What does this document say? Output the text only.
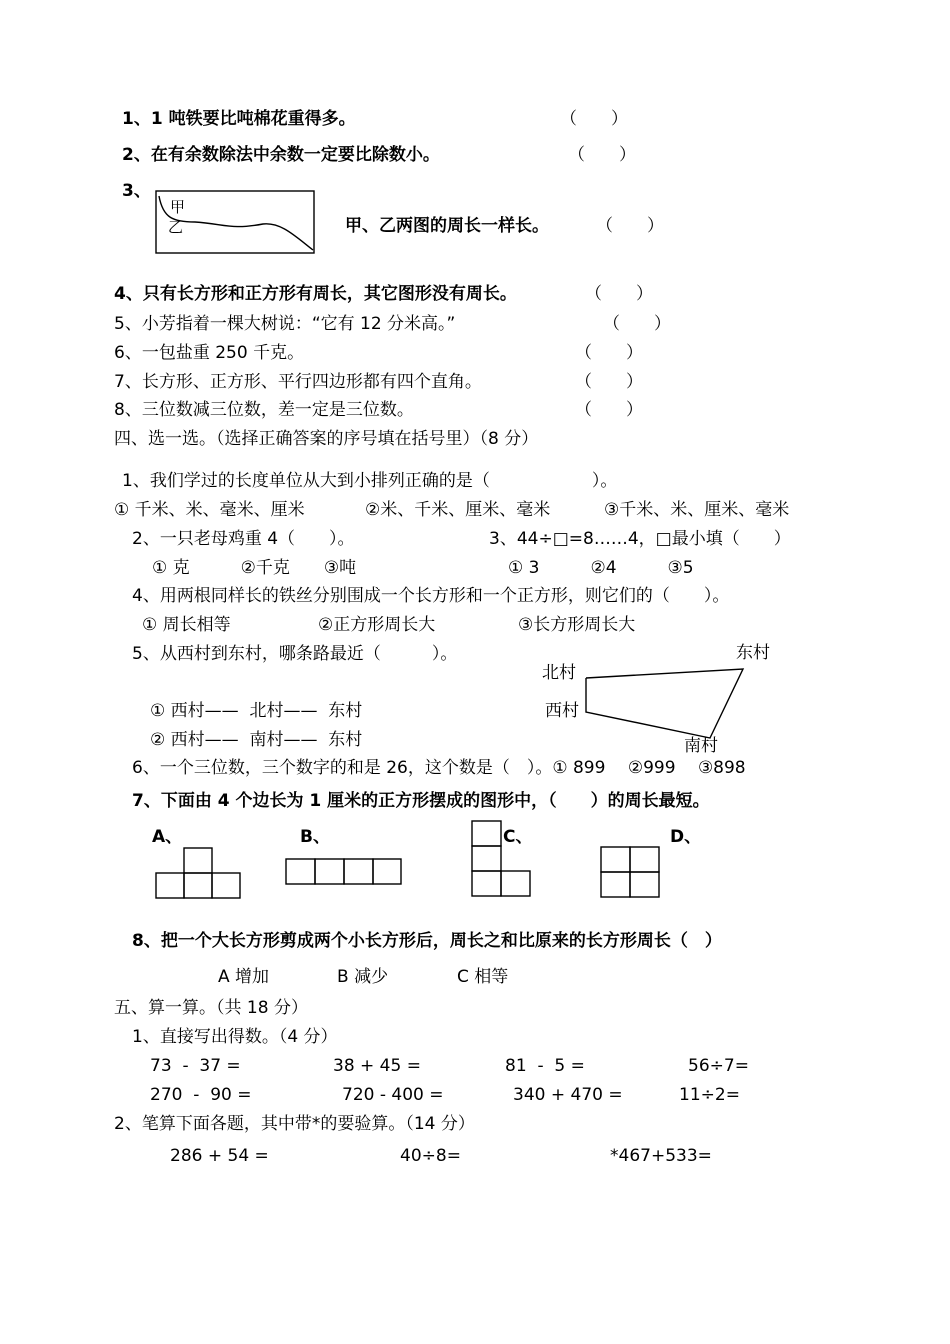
1、1 吨铁要比吨棉花重得多。	（　　）
2、在有余数除法中余数一定要比除数小。	（　　）
3、
甲
乙	甲、乙两图的周长一样长。	（　　）
4、只有长方形和正方形有周长，其它图形没有周长。	（　　）
5、小芳指着一棵大树说：“它有 12 分米高。”	（　　）
6、一包盐重 250 千克。	（　　）
7、长方形、正方形、平行四边形都有四个直角。	（　　）
8、三位数减三位数，差一定是三位数。	（　　）
四、选一选。（选择正确答案的序号填在括号里）（8 分）
1、我们学过的长度单位从大到小排列正确的是（　　　　　　）。
① 千米、米、毫米、厘米	②米、千米、厘米、毫米	③千米、米、厘米、毫米
2、一只老母鸡重 4（　　）。	3、44÷□=8……4，□最小填（　　）
① 克　　　②千克　　③吨	① 3　　　②4　　　③5
4、用两根同样长的铁丝分别围成一个长方形和一个正方形，则它们的（　　）。
① 周长相等	②正方形周长大	③长方形周长大
5、从西村到东村，哪条路最近（　　　）。
① 西村——  北村——  东村
② 西村——  南村——  东村
北村
东村
西村
南村
6、一个三位数，三个数字的和是 26，这个数是（　）。① 899　 ②999　 ③898
7、下面由 4 个边长为 1 厘米的正方形摆成的图形中，（　　）的周长最短。
A、	B、	C、	D、
8、把一个大长方形剪成两个小长方形后，周长之和比原来的长方形周长（　）
A 增加	B 减少	C 相等
五、算一算。（共 18 分）
1、直接写出得数。（4 分）
73  -  37 =	38 + 45 =	81  -  5 =	56÷7=
270  -  90 =	720 - 400 =	340 + 470 =	11÷2=
2、笔算下面各题，其中带*的要验算。（14 分）
286 + 54 =	40÷8=	*467+533=
